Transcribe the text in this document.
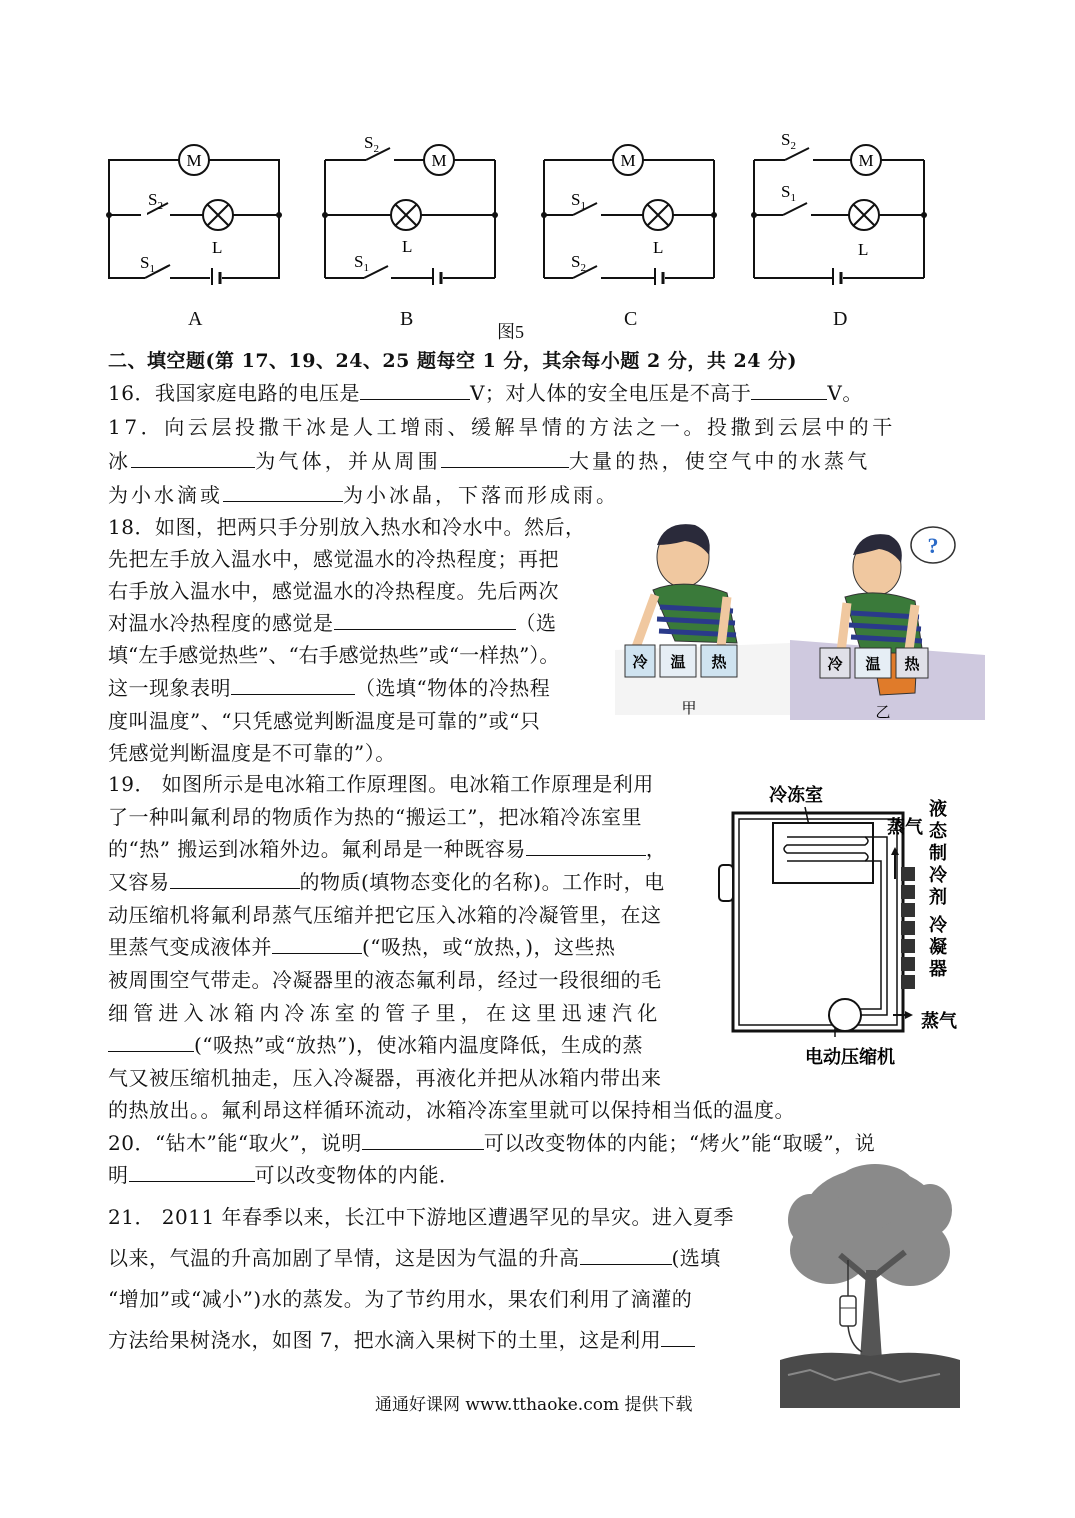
M
$S_2$
L
$S_1$
M
$S_2$
L
$S_1$
M
$S_1$
L
$S_2$
M
$S_2$
$S_1$
L
A	B	C	D
图5
二、填空题(第 17、19、24、25 题每空 1 分，其余每小题 2 分，共 24 分)
16．我国家庭电路的电压是	V；对人体的安全电压是不高于	V。
17．向云层投撒干冰是人工增雨、缓解旱情的方法之一。投撒到云层中的干
冰	为气体，并从周围	大量的热，使空气中的水蒸气
为小水滴或	为小冰晶，下落而形成雨。
18．如图，把两只手分别放入热水和冷水中。然后，
先把左手放入温水中，感觉温水的冷热程度；再把
右手放入温水中，感觉温水的冷热程度。先后两次
对温水冷热程度的感觉是	（选
填“左手感觉热些”、“右手感觉热些”或“一样热”）。
这一现象表明	（选填“物体的冷热程
度叫温度”、“只凭感觉判断温度是可靠的”或“只
凭感觉判断温度是不可靠的”）。
?
冷 温 热	冷 温 热
甲	乙
19． 如图所示是电冰箱工作原理图。电冰箱工作原理是利用
了一种叫氟利昂的物质作为热的“搬运工”，把冰箱冷冻室里
的“热” 搬运到冰箱外边。氟利昂是一种既容易	，
又容易	的物质(填物态变化的名称)。工作时，电
动压缩机将氟利昂蒸气压缩并把它压入冰箱的冷凝管里，在这
里蒸气变成液体并	(“吸热，或“放热，)，这些热
被周围空气带走。冷凝器里的液态氟利昂，经过一段很细的毛
细管进入冰箱内冷冻室的管子里，在这里迅速汽化
(“吸热”或“放热”)，使冰箱内温度降低，生成的蒸
气又被压缩机抽走，压入冷凝器，再液化并把从冰箱内带出来
的热放出。。氟利昂这样循环流动，冰箱冷冻室里就可以保持相当低的温度。
冷冻室
蒸气
液
态
制
冷
剂
冷
凝
器
蒸气
电动压缩机
20．“钻木”能“取火”，说明	可以改变物体的内能；“烤火”能“取暖”，说
明	可以改变物体的内能．
21． 2011 年春季以来，长江中下游地区遭遇罕见的旱灾。进入夏季
以来，气温的升高加剧了旱情，这是因为气温的升高	(选填
“增加”或“减小”)水的蒸发。为了节约用水，果农们利用了滴灌的
方法给果树浇水，如图 7，把水滴入果树下的土里，这是利用
通通好课网 www.tthaoke.com 提供下载
